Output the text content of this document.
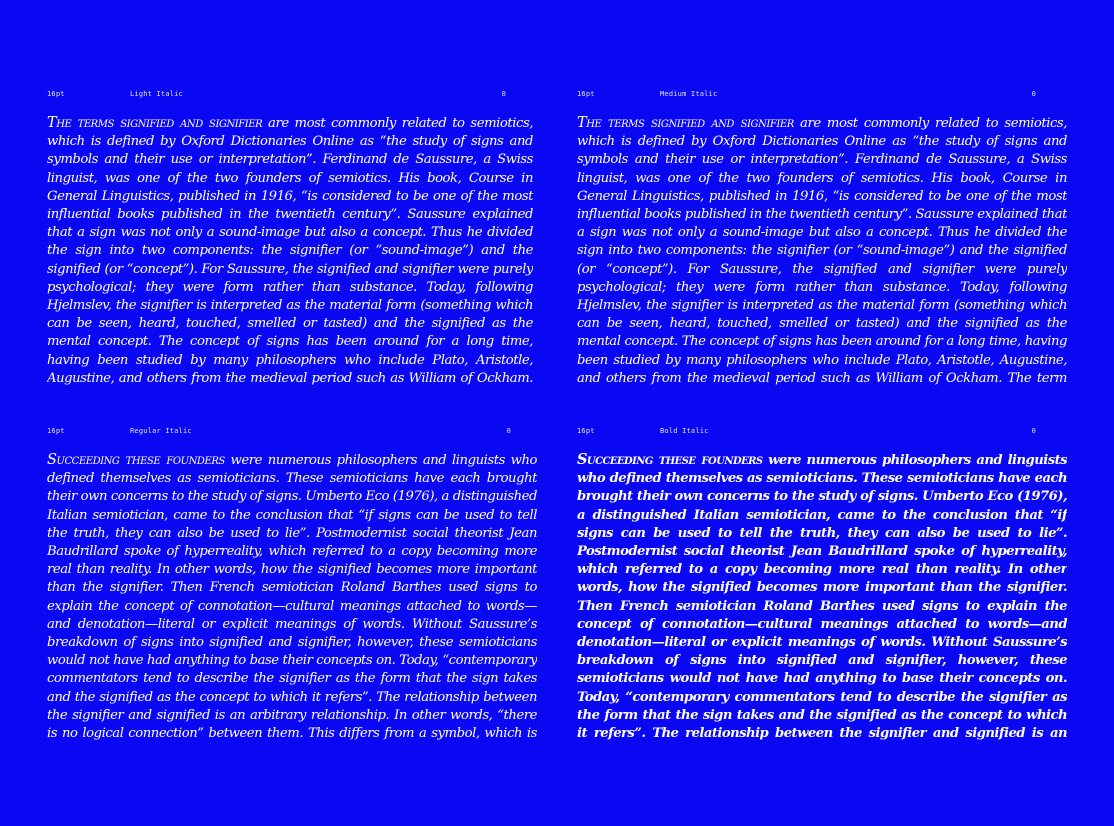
16pt	Light Italic	0

The terms signified and signifier are most commonly related to semiotics, which is defined by Oxford Dictionaries Online as “the study of signs and symbols and their use or interpretation”. Ferdinand de Saussure, a Swiss linguist, was one of the two founders of semiotics. His book, Course in General Linguistics, published in 1916, “is considered to be one of the most influential books published in the twentieth century”. Saussure explained that a sign was not only a sound-image but also a concept. Thus he divided the sign into two components: the signifier (or “sound-image”) and the signified (or “concept”). For Saussure, the signified and signifier were purely psychological; they were form rather than substance. Today, following Hjelmslev, the signifier is interpreted as the material form (something which can be seen, heard, touched, smelled or tasted) and the signified as the mental concept. The concept of signs has been around for a long time, having been studied by many philosophers who include Plato, Aristotle, Augustine, and others from the medieval period such as William of Ockham.

16pt	Medium Italic	0

The terms signified and signifier are most commonly related to semiotics, which is defined by Oxford Dictionaries Online as “the study of signs and symbols and their use or interpretation”. Ferdinand de Saussure, a Swiss linguist, was one of the two founders of semiotics. His book, Course in General Linguistics, published in 1916, “is considered to be one of the most influential books published in the twentieth century”. Saussure explained that a sign was not only a sound-image but also a concept. Thus he divided the sign into two components: the signifier (or “sound-image”) and the signified (or “concept”). For Saussure, the signified and signifier were purely psychological; they were form rather than substance. Today, following Hjelmslev, the signifier is interpreted as the material form (something which can be seen, heard, touched, smelled or tasted) and the signified as the mental concept. The concept of signs has been around for a long time, having been studied by many philosophers who include Plato, Aristotle, Augustine, and others from the medieval period such as William of Ockham. The term

16pt	Regular Italic	0

Succeeding these founders were numerous philosophers and linguists who defined themselves as semioticians. These semioticians have each brought their own concerns to the study of signs. Umberto Eco (1976), a distinguished Italian semiotician, came to the conclusion that “if signs can be used to tell the truth, they can also be used to lie”. Postmodernist social theorist Jean Baudrillard spoke of hyperreality, which referred to a copy becoming more real than reality. In other words, how the signified becomes more important than the signifier. Then French semiotician Roland Barthes used signs to explain the concept of connotation—cultural meanings attached to words—and denotation—literal or explicit meanings of words. Without Saussure’s breakdown of signs into signified and signifier, however, these semioticians would not have had anything to base their concepts on. Today, “contemporary commentators tend to describe the signifier as the form that the sign takes and the signified as the concept to which it refers”. The relationship between the signifier and signified is an arbitrary relationship. In other words, “there is no logical connection” between them. This differs from a symbol, which is

16pt	Bold Italic	0

Succeeding these founders were numerous philosophers and linguists who defined themselves as semioticians. These semioticians have each brought their own concerns to the study of signs. Umberto Eco (1976), a distinguished Italian semiotician, came to the conclusion that “if signs can be used to tell the truth, they can also be used to lie”. Postmodernist social theorist Jean Baudrillard spoke of hyperreality, which referred to a copy becoming more real than reality. In other words, how the signified becomes more important than the signifier. Then French semiotician Roland Barthes used signs to explain the concept of connotation—cultural meanings attached to words—and denotation—literal or explicit meanings of words. Without Saussure’s breakdown of signs into signified and signifier, however, these semioticians would not have had anything to base their concepts on. Today, “contemporary commentators tend to describe the signifier as the form that the sign takes and the signified as the concept to which it refers”. The relationship between the signifier and signified is an
